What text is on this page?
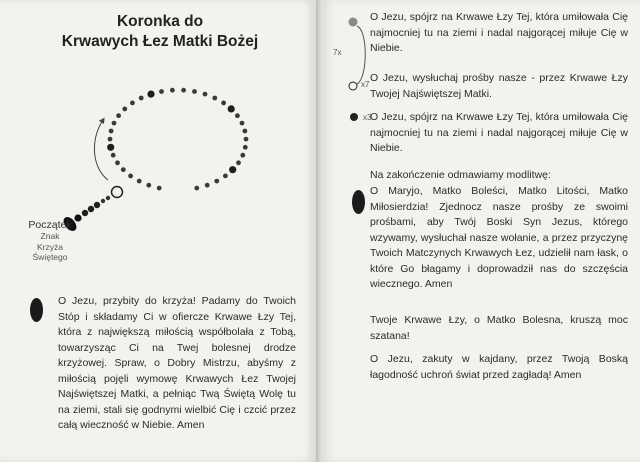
Koronka do
Krwawych Łez Matki Bożej
Początek
Znak
Krzyża
Świętego

O Jezu, przybity do krzyża! Padamy do Twoich Stóp i składamy Ci w ofiercze Krwawe Łzy Tej, która z największą miłością współbolała z Tobą, towarzysząc Ci na Twej bolesnej drodze krzyżowej. Spraw, o Dobry Mistrzu, abyśmy z miłością pojęli wymowę Krwawych Łez Twojej Najświętszej Matki, a pełniąc Twą Świętą Wolę tu na ziemi, stali się godnymi wielbić Cię i czcić przez całą wieczność w Niebie. Amen

7x
x7
x3

O Jezu, spójrz na Krwawe Łzy Tej, która umiłowała Cię najmocniej tu na ziemi i nadal najgorącej miłuje Cię w Niebie.

O Jezu, wysłuchaj prośby nasze - przez Krwawe Łzy Twojej Najświętszej Matki.

O Jezu, spójrz na Krwawe Łzy Tej, która umiłowała Cię najmocniej tu na ziemi i nadal najgorącej miłuje Cię w Niebie.

Na zakończenie odmawiamy modlitwę:

O Maryjo, Matko Boleści, Matko Litości, Matko Miłosierdzia! Zjednocz nasze prośby ze swoimi prośbami, aby Twój Boski Syn Jezus, którego wzywamy, wysłuchał nasze wołanie, a przez przyczynę Twoich Matczynych Krwawych Łez, udzielił nam łask, o które Go błagamy i doprowadził nas do szczęścia wiecznego. Amen

Twoje Krwawe Łzy, o Matko Bolesna, kruszą moc szatana!

O Jezu, zakuty w kajdany, przez Twoją Boską łagodność uchroń świat przed zagładą! Amen
